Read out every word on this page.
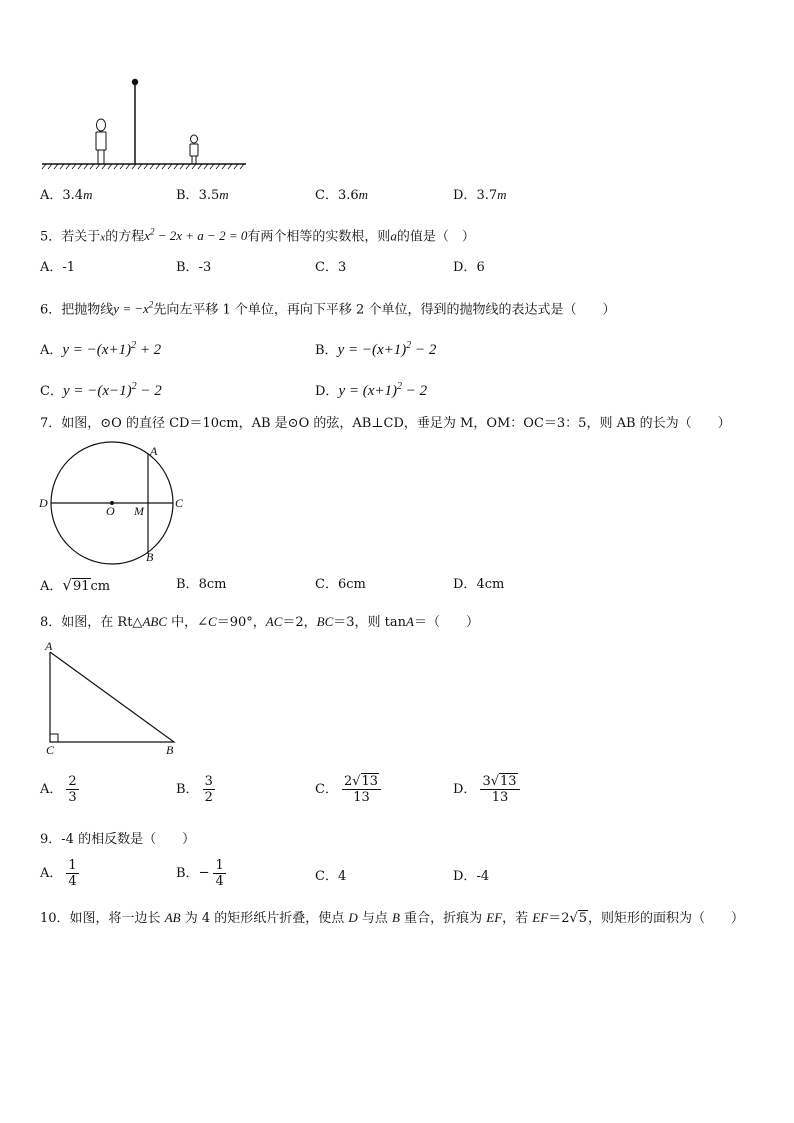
A．3.4m	B．3.5m	C．3.6m	D．3.7m
5．若关于x的方程$x^2 - 2x + a - 2 = 0$有两个相等的实数根，则a的值是（　）
A．-1	B．-3	C．3	D．6
6．把抛物线$y = -x^2$先向左平移 1 个单位，再向下平移 2 个单位，得到的抛物线的表达式是（　　）
A．$y = -(x+1)^2 + 2$	B．$y = -(x+1)^2 - 2$
C．$y = -(x-1)^2 - 2$	D．$y = (x+1)^2 - 2$
7．如图，⊙O 的直径 CD＝10cm，AB 是⊙O 的弦，AB⊥CD，垂足为 M，OM：OC＝3：5，则 AB 的长为（　　）
A
B
C
D
O M
A．√91cm	B．8cm	C．6cm	D．4cm
8．如图，在 Rt△ABC 中，∠C＝90°，AC＝2，BC＝3，则 tanA＝（　　）
A
C	B
A． $\frac{2}{3}$	B． $\frac{3}{2}$	C． $\frac{2√13}{13}$	D． $\frac{3√13}{13}$
9．-4 的相反数是（　　）
A． $\frac{1}{4}$	B．− $\frac{1}{4}$	C．4	D．-4
10．如图，将一边长 AB 为 4 的矩形纸片折叠，使点 D 与点 B 重合，折痕为 EF，若 EF＝2√5，则矩形的面积为（　　）
